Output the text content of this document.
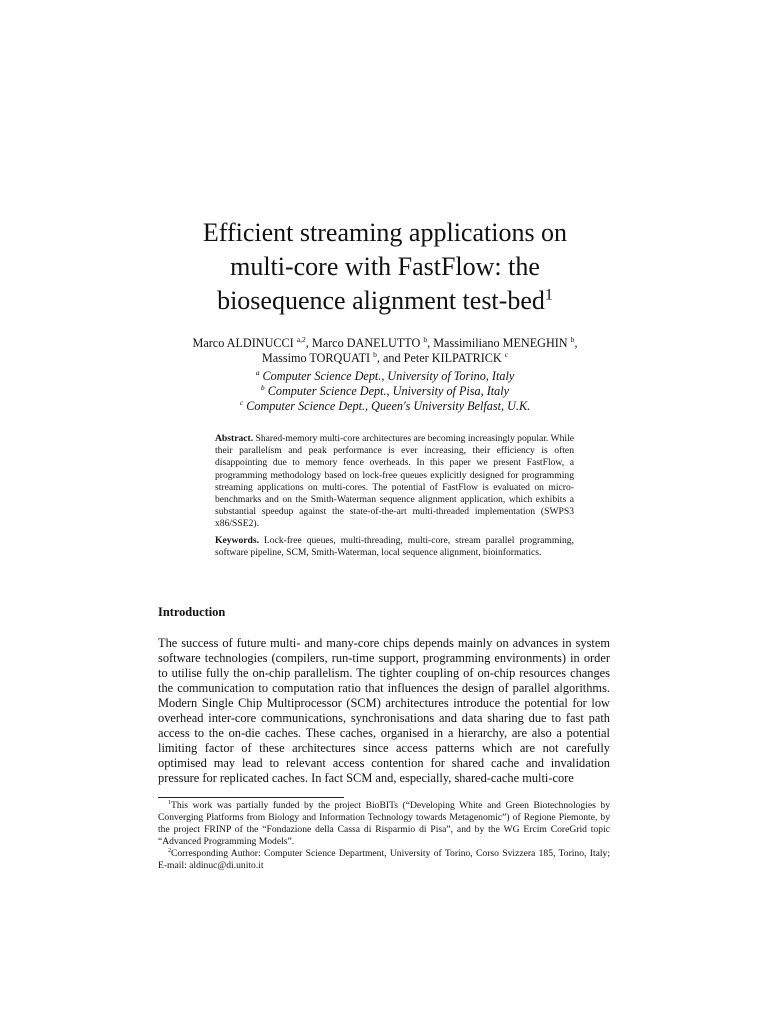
Efficient streaming applications on
multi-core with FastFlow: the
biosequence alignment test-bed$^1$
Marco ALDINUCCI $^{a,2}$, Marco DANELUTTO $^b$, Massimiliano MENEGHIN $^b$,
Massimo TORQUATI $^b$, and Peter KILPATRICK $^c$
$^a$ Computer Science Dept., University of Torino, Italy
$^b$ Computer Science Dept., University of Pisa, Italy
$^c$ Computer Science Dept., Queen's University Belfast, U.K.

Abstract. Shared-memory multi-core architectures are becoming increasingly popular. While their parallelism and peak performance is ever increasing, their efficiency is often disappointing due to memory fence overheads. In this paper we present FastFlow, a programming methodology based on lock-free queues explicitly designed for programming streaming applications on multi-cores. The potential of FastFlow is evaluated on micro-benchmarks and on the Smith-Waterman sequence alignment application, which exhibits a substantial speedup against the state-of-the-art multi-threaded implementation (SWPS3 x86/SSE2).

Keywords. Lock-free queues, multi-threading, multi-core, stream parallel programming, software pipeline, SCM, Smith-Waterman, local sequence alignment, bioinformatics.

Introduction

The success of future multi- and many-core chips depends mainly on advances in system software technologies (compilers, run-time support, programming environments) in order to utilise fully the on-chip parallelism. The tighter coupling of on-chip resources changes the communication to computation ratio that influences the design of parallel algorithms. Modern Single Chip Multiprocessor (SCM) architectures introduce the potential for low overhead inter-core communications, synchronisations and data sharing due to fast path access to the on-die caches. These caches, organised in a hierarchy, are also a potential limiting factor of these architectures since access patterns which are not carefully optimised may lead to relevant access contention for shared cache and invalidation pressure for replicated caches. In fact SCM and, especially, shared-cache multi-core

$^1$This work was partially funded by the project BioBITs (“Developing White and Green Biotechnologies by Converging Platforms from Biology and Information Technology towards Metagenomic”) of Regione Piemonte, by the project FRINP of the “Fondazione della Cassa di Risparmio di Pisa”, and by the WG Ercim CoreGrid topic “Advanced Programming Models”.

$^2$Corresponding Author: Computer Science Department, University of Torino, Corso Svizzera 185, Torino, Italy; E-mail: aldinuc@di.unito.it
